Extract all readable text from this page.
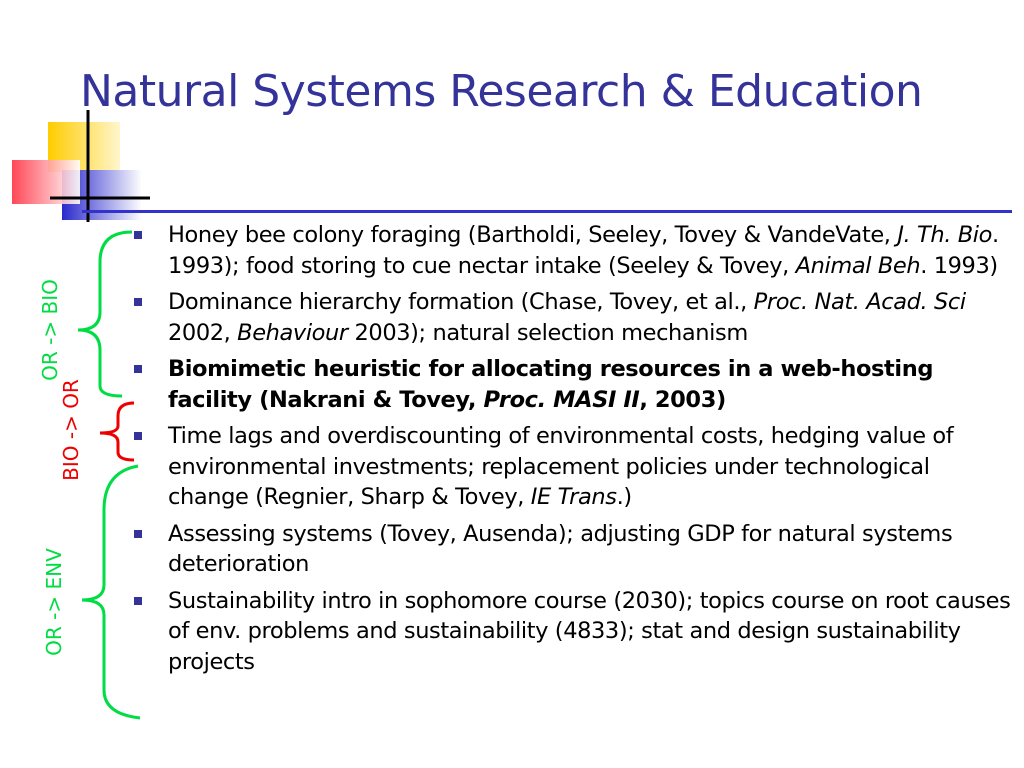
Natural Systems Research & Education
OR -> BIO
BIO -> OR
OR -> ENV
Honey bee colony foraging (Bartholdi, Seeley, Tovey & VandeVate, J. Th. Bio. 1993); food storing to cue nectar intake (Seeley & Tovey, Animal Beh. 1993)
Dominance hierarchy formation (Chase, Tovey, et al., Proc. Nat. Acad. Sci 2002, Behaviour 2003); natural selection mechanism
Biomimetic heuristic for allocating resources in a web-hosting facility (Nakrani & Tovey, Proc. MASI II, 2003)
Time lags and overdiscounting of environmental costs, hedging value of environmental investments; replacement policies under technological change (Regnier, Sharp & Tovey, IE Trans.)
Assessing systems (Tovey, Ausenda); adjusting GDP for natural systems deterioration
Sustainability intro in sophomore course (2030); topics course on root causes of env. problems and sustainability (4833); stat and design sustainability projects
